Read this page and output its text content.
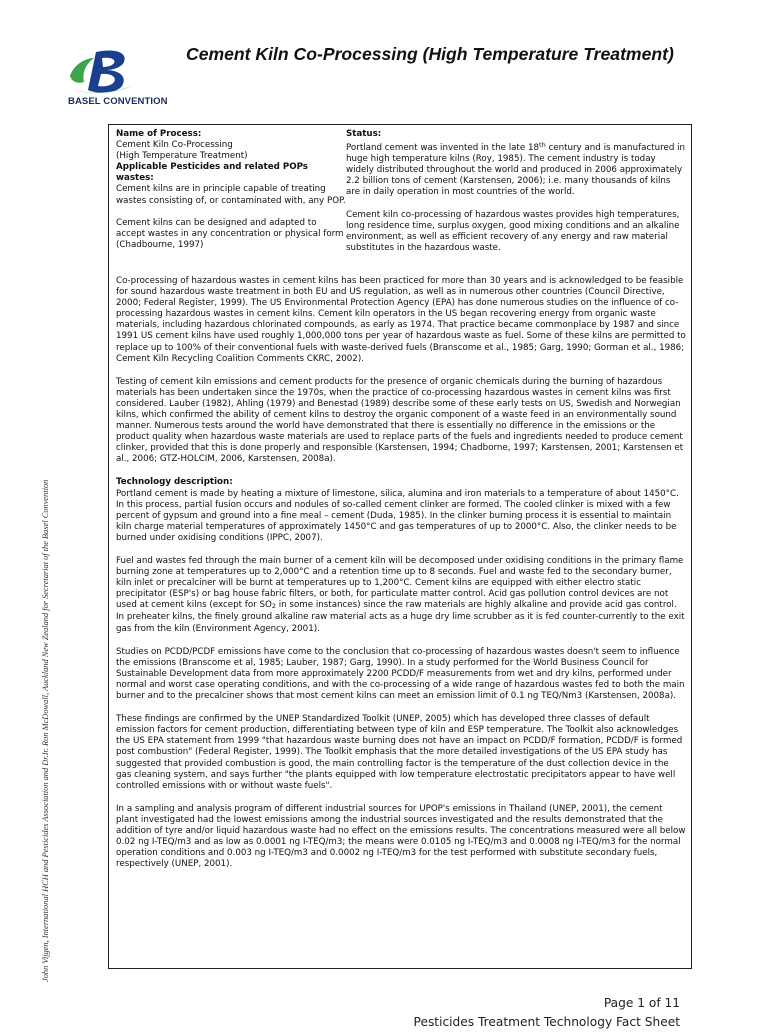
BASEL CONVENTION
Cement Kiln Co-Processing (High Temperature Treatment)
John Vijgen, International HCH and Pesticides Association and Dr.Ir. Ron McDowall, Auckland New Zealand for Secretariat of the Basel Convention

Name of Process:
Cement Kiln Co-Processing
(High Temperature Treatment)
Applicable Pesticides and related POPs wastes:
Cement kilns are in principle capable of treating wastes consisting of, or contaminated with, any POP.

Cement kilns can be designed and adapted to accept wastes in any concentration or physical form (Chadbourne, 1997)

Status:
Portland cement was invented in the late 18th century and is manufactured in huge high temperature kilns (Roy, 1985). The cement industry is today widely distributed throughout the world and produced in 2006 approximately 2.2 billion tons of cement (Karstensen, 2006); i.e. many thousands of kilns are in daily operation in most countries of the world.

Cement kiln co-processing of hazardous wastes provides high temperatures, long residence time, surplus oxygen, good mixing conditions and an alkaline environment, as well as efficient recovery of any energy and raw material substitutes in the hazardous waste.

Co-processing of hazardous wastes in cement kilns has been practiced for more than 30 years and is acknowledged to be feasible for sound hazardous waste treatment in both EU and US regulation, as well as in numerous other countries (Council Directive, 2000; Federal Register, 1999). The US Environmental Protection Agency (EPA) has done numerous studies on the influence of co-processing hazardous wastes in cement kilns. Cement kiln operators in the US began recovering energy from organic waste materials, including hazardous chlorinated compounds, as early as 1974. That practice became commonplace by 1987 and since 1991 US cement kilns have used roughly 1,000,000 tons per year of hazardous waste as fuel. Some of these kilns are permitted to replace up to 100% of their conventional fuels with waste-derived fuels (Branscome et al., 1985; Garg, 1990; Gorman et al., 1986; Cement Kiln Recycling Coalition Comments CKRC, 2002).

Testing of cement kiln emissions and cement products for the presence of organic chemicals during the burning of hazardous materials has been undertaken since the 1970s, when the practice of co-processing hazardous wastes in cement kilns was first considered. Lauber (1982), Ahling (1979) and Benestad (1989) describe some of these early tests on US, Swedish and Norwegian kilns, which confirmed the ability of cement kilns to destroy the organic component of a waste feed in an environmentally sound manner. Numerous tests around the world have demonstrated that there is essentially no difference in the emissions or the product quality when hazardous waste materials are used to replace parts of the fuels and ingredients needed to produce cement clinker, provided that this is done properly and responsible (Karstensen, 1994; Chadborne, 1997; Karstensen, 2001; Karstensen et al., 2006; GTZ-HOLCIM, 2006, Karstensen, 2008a).

Technology description:
Portland cement is made by heating a mixture of limestone, silica, alumina and iron materials to a temperature of about 1450°C. In this process, partial fusion occurs and nodules of so-called cement clinker are formed. The cooled clinker is mixed with a few percent of gypsum and ground into a fine meal – cement (Duda, 1985). In the clinker burning process it is essential to maintain kiln charge material temperatures of approximately 1450°C and gas temperatures of up to 2000°C. Also, the clinker needs to be burned under oxidising conditions (IPPC, 2007).

Fuel and wastes fed through the main burner of a cement kiln will be decomposed under oxidising conditions in the primary flame burning zone at temperatures up to 2,000°C and a retention time up to 8 seconds. Fuel and waste fed to the secondary burner, kiln inlet or precalciner will be burnt at temperatures up to 1,200°C. Cement kilns are equipped with either electro static precipitator (ESP's) or bag house fabric filters, or both, for particulate matter control. Acid gas pollution control devices are not used at cement kilns (except for SO2 in some instances) since the raw materials are highly alkaline and provide acid gas control. In preheater kilns, the finely ground alkaline raw material acts as a huge dry lime scrubber as it is fed counter-currently to the exit gas from the kiln (Environment Agency, 2001).

Studies on PCDD/PCDF emissions have come to the conclusion that co-processing of hazardous wastes doesn't seem to influence the emissions (Branscome et al, 1985; Lauber, 1987; Garg, 1990). In a study performed for the World Business Council for Sustainable Development data from more approximately 2200 PCDD/F measurements from wet and dry kilns, performed under normal and worst case operating conditions, and with the co-processing of a wide range of hazardous wastes fed to both the main burner and to the precalciner shows that most cement kilns can meet an emission limit of 0.1 ng TEQ/Nm3 (Karstensen, 2008a).

These findings are confirmed by the UNEP Standardized Toolkit (UNEP, 2005) which has developed three classes of default emission factors for cement production, differentiating between type of kiln and ESP temperature. The Toolkit also acknowledges the US EPA statement from 1999 "that hazardous waste burning does not have an impact on PCDD/F formation, PCDD/F is formed post combustion" (Federal Register, 1999). The Toolkit emphasis that the more detailed investigations of the US EPA study has suggested that provided combustion is good, the main controlling factor is the temperature of the dust collection device in the gas cleaning system, and says further "the plants equipped with low temperature electrostatic precipitators appear to have well controlled emissions with or without waste fuels".

In a sampling and analysis program of different industrial sources for UPOP's emissions in Thailand (UNEP, 2001), the cement plant investigated had the lowest emissions among the industrial sources investigated and the results demonstrated that the addition of tyre and/or liquid hazardous waste had no effect on the emissions results. The concentrations measured were all below 0.02 ng I-TEQ/m3 and as low as 0.0001 ng I-TEQ/m3; the means were 0.0105 ng I-TEQ/m3 and 0.0008 ng I-TEQ/m3 for the normal operation conditions and 0.003 ng I-TEQ/m3 and 0.0002 ng I-TEQ/m3 for the test performed with substitute secondary fuels, respectively (UNEP, 2001).

Page 1 of 11
Pesticides Treatment Technology Fact Sheet
